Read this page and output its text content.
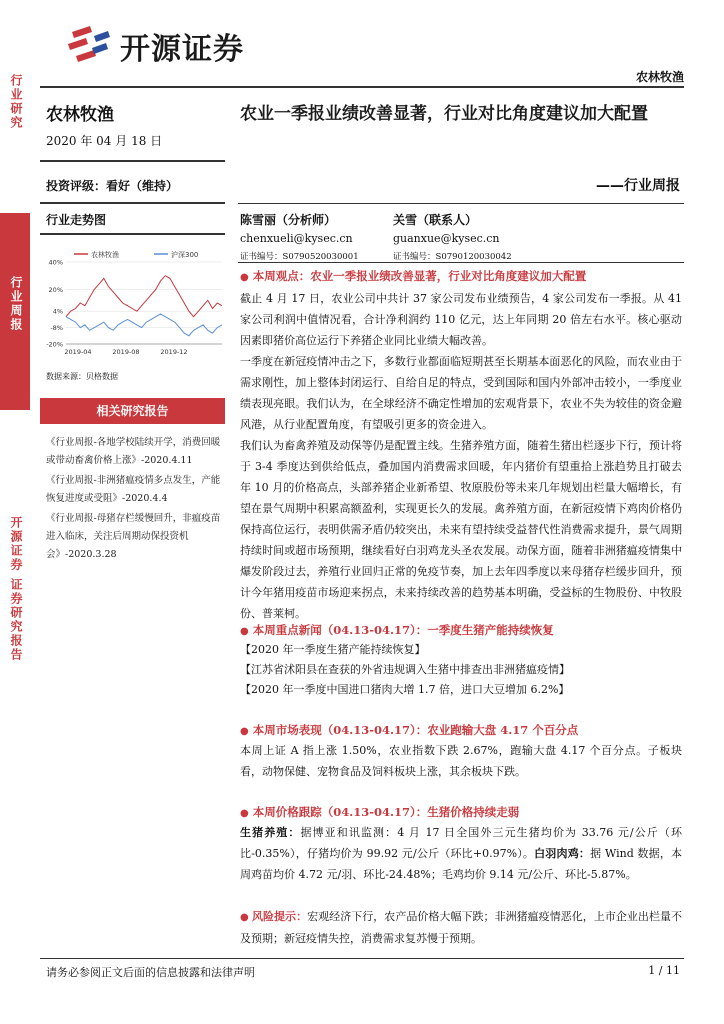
开源证券
农林牧渔
行业研究
行业周报
开源证券 证券研究报告
农林牧渔
2020 年 04 月 18 日
投资评级：看好（维持）
行业走势图
农林牧渔	沪深300
40%
20%
4%
-8%
-20%
2019-04	2019-08	2019-12
数据来源：贝格数据
相关研究报告
《行业周报-各地学校陆续开学，消费回暖或带动畜禽价格上涨》-2020.4.11
《行业周报-非洲猪瘟疫情多点发生，产能恢复进度或受阻》-2020.4.4
《行业周报-母猪存栏缓慢回升，非瘟疫苗进入临床，关注后周期动保投资机会》-2020.3.28
农业一季报业绩改善显著，行业对比角度建议加大配置
——行业周报
陈雪丽（分析师）
chenxueli@kysec.cn
证书编号：S0790520030001
关雪（联系人）
guanxue@kysec.cn
证书编号：S0790120030042
● 本周观点：农业一季报业绩改善显著，行业对比角度建议加大配置

截止 4 月 17 日，农业公司中共计 37 家公司发布业绩预告，4 家公司发布一季报。从 41 家公司利润中值情况看，合计净利润约 110 亿元，达上年同期 20 倍左右水平。核心驱动因素即猪价高位运行下养猪企业同比业绩大幅改善。

一季度在新冠疫情冲击之下，多数行业都面临短期甚至长期基本面恶化的风险，而农业由于需求刚性，加上整体封闭运行、自给自足的特点，受到国际和国内外部冲击较小，一季度业绩表现亮眼。我们认为，在全球经济不确定性增加的宏观背景下，农业不失为较佳的资金避风港，从行业配置角度，有望吸引更多的资金进入。

我们认为畜禽养殖及动保等仍是配置主线。生猪养殖方面，随着生猪出栏逐步下行，预计将于 3-4 季度达到供给低点，叠加国内消费需求回暖，年内猪价有望重拾上涨趋势且打破去年 10 月的价格高点，头部养猪企业新希望、牧原股份等未来几年规划出栏量大幅增长，有望在景气周期中积累高额盈利，实现更长久的发展。禽养殖方面，在新冠疫情下鸡肉价格仍保持高位运行，表明供需矛盾仍较突出，未来有望持续受益替代性消费需求提升，景气周期持续时间或超市场预期，继续看好白羽鸡龙头圣农发展。动保方面，随着非洲猪瘟疫情集中爆发阶段过去，养殖行业回归正常的免疫节奏，加上去年四季度以来母猪存栏缓步回升，预计今年猪用疫苗市场迎来拐点，未来持续改善的趋势基本明确，受益标的生物股份、中牧股份、普莱柯。

● 本周重点新闻（04.13-04.17）：一季度生猪产能持续恢复
【2020 年一季度生猪产能持续恢复】
【江苏省沭阳县在查获的外省违规调入生猪中排查出非洲猪瘟疫情】
【2020 年一季度中国进口猪肉大增 1.7 倍，进口大豆增加 6.2%】
● 本周市场表现（04.13-04.17）：农业跑输大盘 4.17 个百分点
本周上证 A 指上涨 1.50%，农业指数下跌 2.67%，跑输大盘 4.17 个百分点。子板块看，动物保健、宠物食品及饲料板块上涨，其余板块下跌。
● 本周价格跟踪（04.13-04.17）：生猪价格持续走弱
生猪养殖：据博亚和讯监测：4 月 17 日全国外三元生猪均价为 33.76 元/公斤（环比-0.35%），仔猪均价为 99.92 元/公斤（环比+0.97%）。白羽肉鸡：据 Wind 数据，本周鸡苗均价 4.72 元/羽、环比-24.48%；毛鸡均价 9.14 元/公斤、环比-5.87%。
● 风险提示：宏观经济下行，农产品价格大幅下跌；非洲猪瘟疫情恶化，上市企业出栏量不及预期；新冠疫情失控，消费需求复苏慢于预期。
请务必参阅正文后面的信息披露和法律声明	1 / 11
